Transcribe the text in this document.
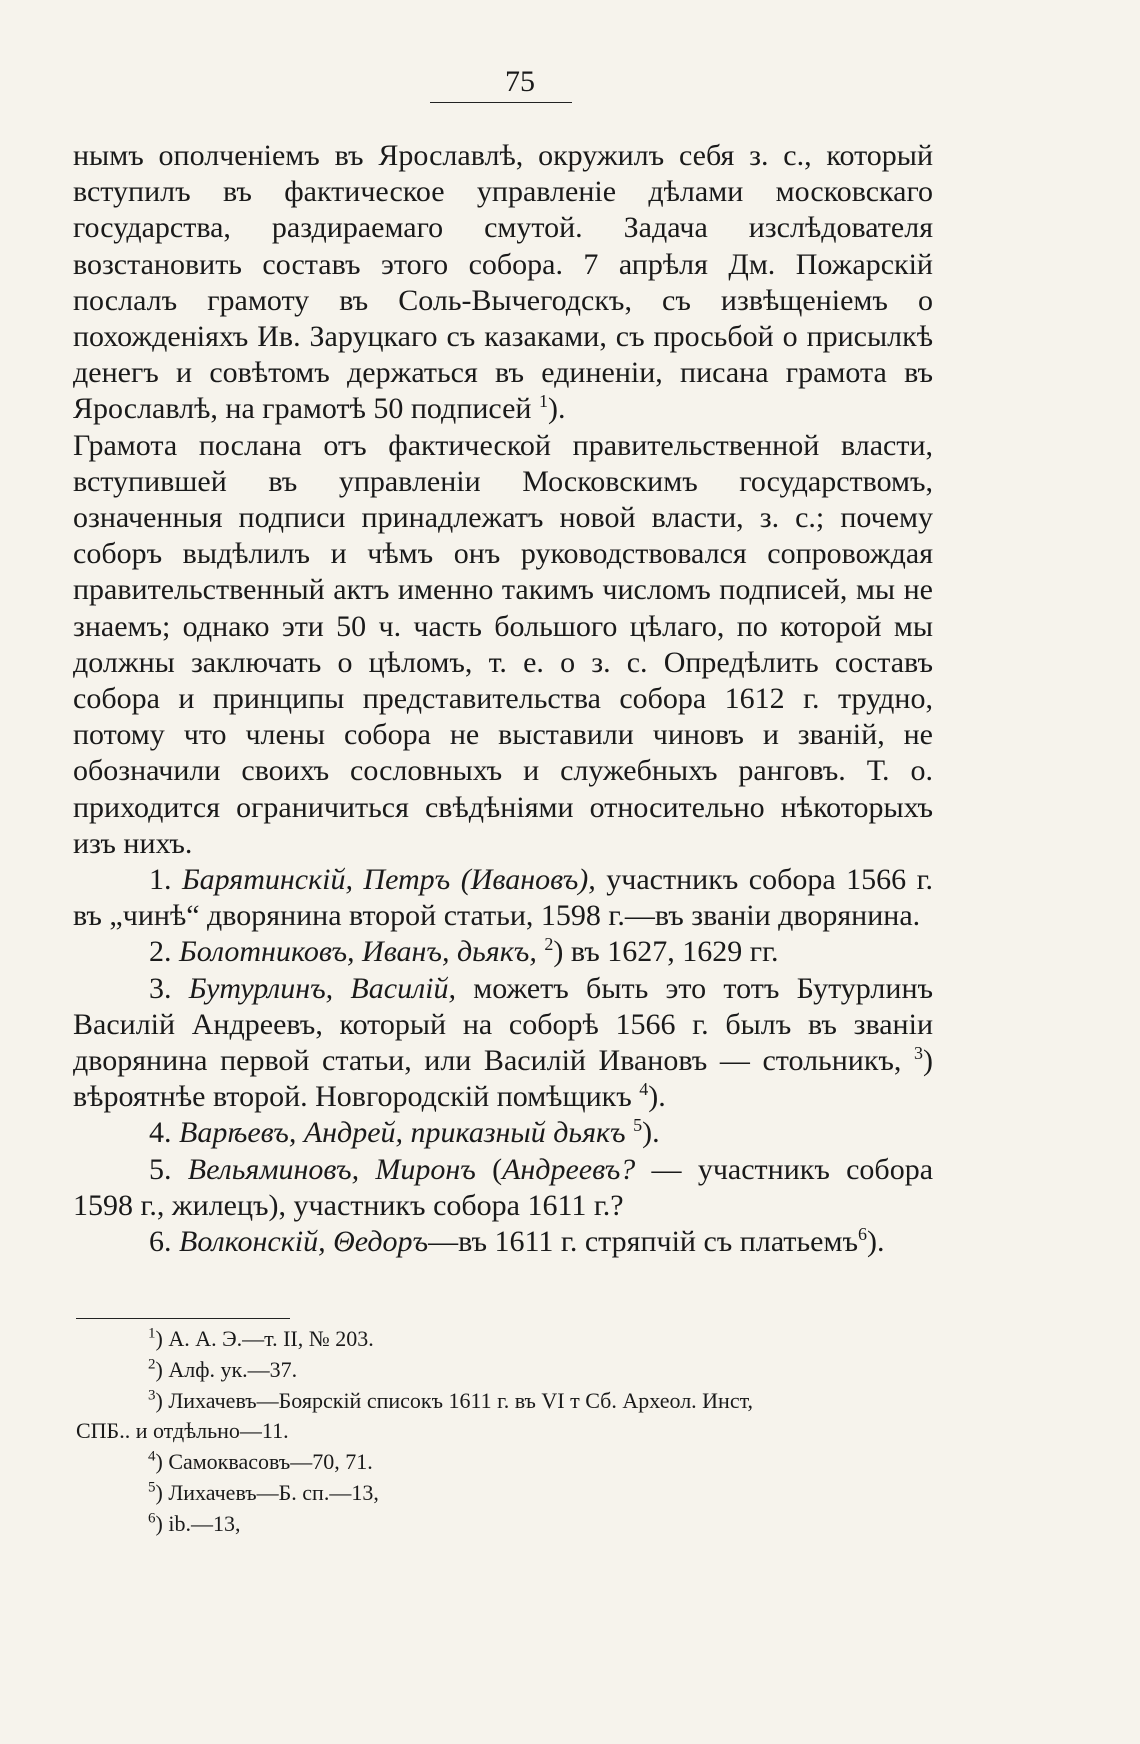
75

нымъ ополченіемъ въ Ярославлѣ, окружилъ себя з. с., который вступилъ въ фактическое управленіе дѣлами московскаго государства, раздираемаго смутой. Задача изслѣдователя возстановить составъ этого собора. 7 апрѣля Дм. Пожарскій послалъ грамоту въ Соль-Вычегодскъ, съ извѣщеніемъ о похожденіяхъ Ив. Заруцкаго съ казаками, съ просьбой о присылкѣ денегъ и совѣтомъ держаться въ единеніи, писана грамота въ Ярославлѣ, на грамотѣ 50 подписей $^1$).

Грамота послана отъ фактической правительственной власти, вступившей въ управленіи Московскимъ государствомъ, означенныя подписи принадлежатъ новой власти, з. с.; почему соборъ выдѣлилъ и чѣмъ онъ руководствовался сопровождая правительственный актъ именно такимъ числомъ подписей, мы не знаемъ; однако эти 50 ч. часть большого цѣлаго, по которой мы должны заключать о цѣломъ, т. е. о з. с. Опредѣлить составъ собора и принципы представительства собора 1612 г. трудно, потому что члены собора не выставили чиновъ и званій, не обозначили своихъ сословныхъ и служебныхъ ранговъ. Т. о. приходится ограничиться свѣдѣніями относительно нѣкоторыхъ изъ нихъ.

1. Барятинскій, Петръ (Ивановъ), участникъ собора 1566 г. въ „чинѣ“ дворянина второй статьи, 1598 г.—въ званіи дворянина.

2. Болотниковъ, Иванъ, дьякъ, $^2$) въ 1627, 1629 гг.

3. Бутурлинъ, Василій, можетъ быть это тотъ Бутурлинъ Василій Андреевъ, который на соборѣ 1566 г. былъ въ званіи дворянина первой статьи, или Василій Ивановъ — стольникъ, $^3$) вѣроятнѣе второй. Новгородскій помѣщикъ $^4$).

4. Варѣевъ, Андрей, приказный дьякъ $^5$).

5. Вельяминовъ, Миронъ (Андреевъ? — участникъ собора 1598 г., жилецъ), участникъ собора 1611 г.?

6. Волконскій, Θедоръ—въ 1611 г. стряпчій съ платьемъ$^6$).

$^1$) А. А. Э.—т. II, № 203.

$^2$) Алф. ук.—37.

$^3$) Лихачевъ—Боярскій списокъ 1611 г. въ VI т Сб. Археол. Инст,

СПБ.. и отдѣльно—11.

$^4$) Самоквасовъ—70, 71.

$^5$) Лихачевъ—Б. сп.—13,

$^6$) ib.—13,
